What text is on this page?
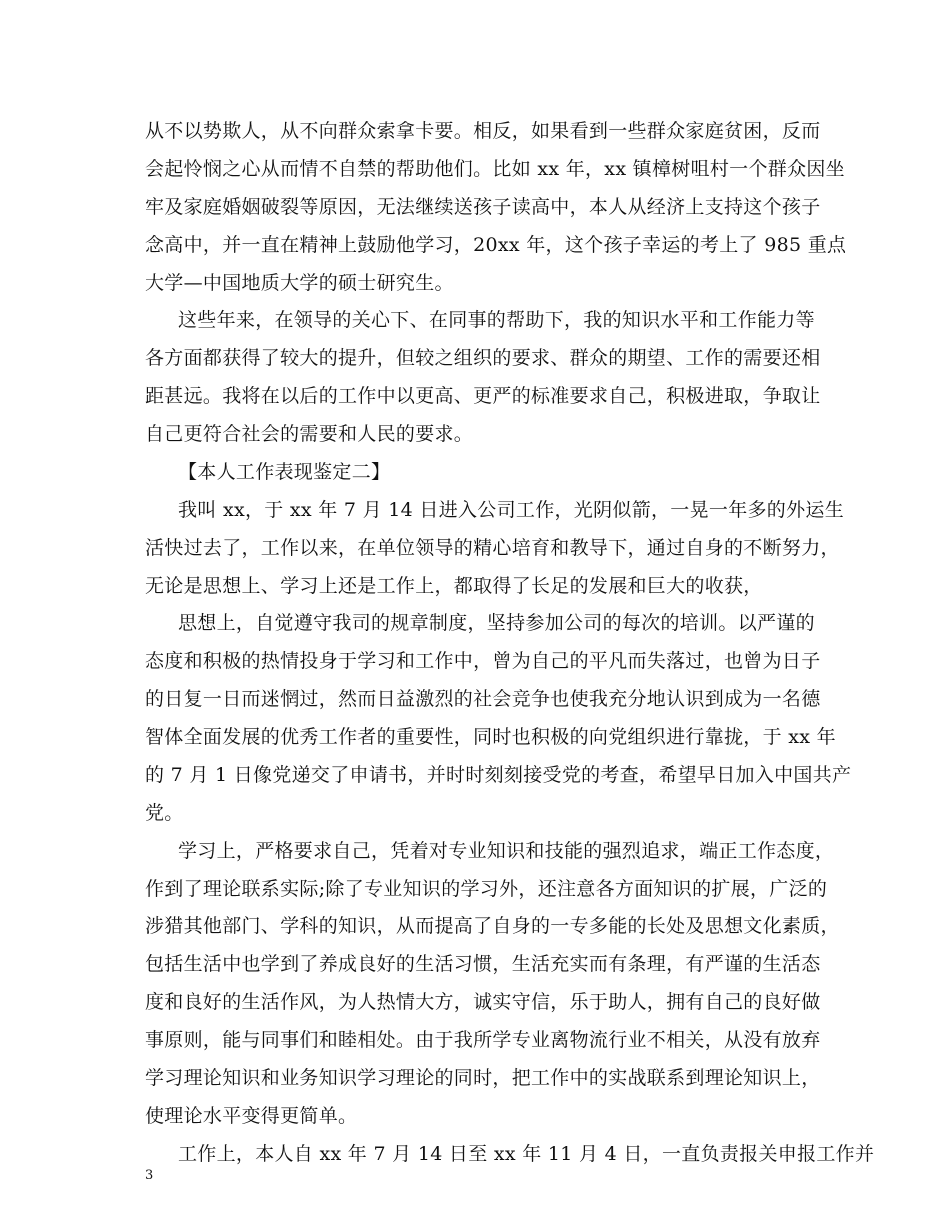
从不以势欺人，从不向群众索拿卡要。相反，如果看到一些群众家庭贫困，反而
会起怜悯之心从而情不自禁的帮助他们。比如 xx 年，xx 镇樟树咀村一个群众因坐
牢及家庭婚姻破裂等原因，无法继续送孩子读高中，本人从经济上支持这个孩子
念高中，并一直在精神上鼓励他学习，20xx 年，这个孩子幸运的考上了 985 重点
大学—中国地质大学的硕士研究生。
这些年来，在领导的关心下、在同事的帮助下，我的知识水平和工作能力等
各方面都获得了较大的提升，但较之组织的要求、群众的期望、工作的需要还相
距甚远。我将在以后的工作中以更高、更严的标准要求自己，积极进取，争取让
自己更符合社会的需要和人民的要求。
【本人工作表现鉴定二】
我叫 xx，于 xx 年 7 月 14 日进入公司工作，光阴似箭，一晃一年多的外运生
活快过去了，工作以来，在单位领导的精心培育和教导下，通过自身的不断努力，
无论是思想上、学习上还是工作上，都取得了长足的发展和巨大的收获，
思想上，自觉遵守我司的规章制度，坚持参加公司的每次的培训。以严谨的
态度和积极的热情投身于学习和工作中，曾为自己的平凡而失落过，也曾为日子
的日复一日而迷惘过，然而日益激烈的社会竞争也使我充分地认识到成为一名德
智体全面发展的优秀工作者的重要性，同时也积极的向党组织进行靠拢，于 xx 年
的 7 月 1 日像党递交了申请书，并时时刻刻接受党的考查，希望早日加入中国共产
党。
学习上，严格要求自己，凭着对专业知识和技能的强烈追求，端正工作态度，
作到了理论联系实际;除了专业知识的学习外，还注意各方面知识的扩展，广泛的
涉猎其他部门、学科的知识，从而提高了自身的一专多能的长处及思想文化素质，
包括生活中也学到了养成良好的生活习惯，生活充实而有条理，有严谨的生活态
度和良好的生活作风，为人热情大方，诚实守信，乐于助人，拥有自己的良好做
事原则，能与同事们和睦相处。由于我所学专业离物流行业不相关，从没有放弃
学习理论知识和业务知识学习理论的同时，把工作中的实战联系到理论知识上，
使理论水平变得更简单。
工作上，本人自 xx 年 7 月 14 日至 xx 年 11 月 4 日，一直负责报关申报工作并
3
